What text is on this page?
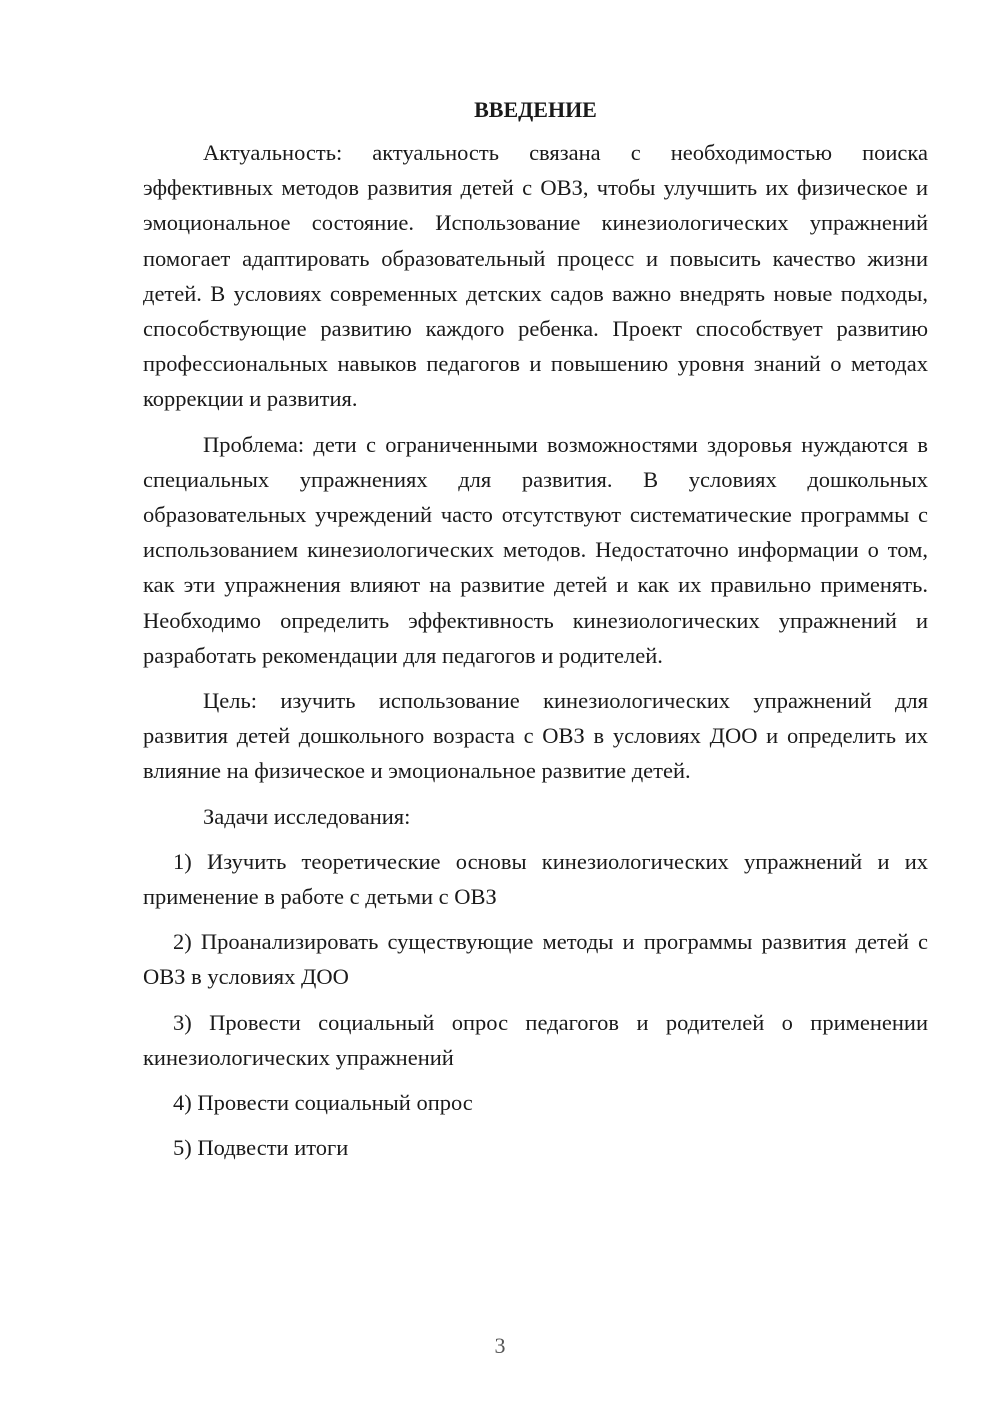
ВВЕДЕНИЕ

Актуальность: актуальность связана с необходимостью поиска эффективных методов развития детей с ОВЗ, чтобы улучшить их физическое и эмоциональное состояние. Использование кинезиологических упражнений помогает адаптировать образовательный процесс и повысить качество жизни детей. В условиях современных детских садов важно внедрять новые подходы, способствующие развитию каждого ребенка. Проект способствует развитию профессиональных навыков педагогов и повышению уровня знаний о методах коррекции и развития.

Проблема: дети с ограниченными возможностями здоровья нуждаются в специальных упражнениях для развития. В условиях дошкольных образовательных учреждений часто отсутствуют систематические программы с использованием кинезиологических методов. Недостаточно информации о том, как эти упражнения влияют на развитие детей и как их правильно применять. Необходимо определить эффективность кинезиологических упражнений и разработать рекомендации для педагогов и родителей.

Цель: изучить использование кинезиологических упражнений для развития детей дошкольного возраста с ОВЗ в условиях ДОО и определить их влияние на физическое и эмоциональное развитие детей.

Задачи исследования:

1) Изучить теоретические основы кинезиологических упражнений и их применение в работе с детьми с ОВЗ

2) Проанализировать существующие методы и программы развития детей с ОВЗ в условиях ДОО

3) Провести социальный опрос педагогов и родителей о применении кинезиологических упражнений

4) Провести социальный опрос

5) Подвести итоги

3
